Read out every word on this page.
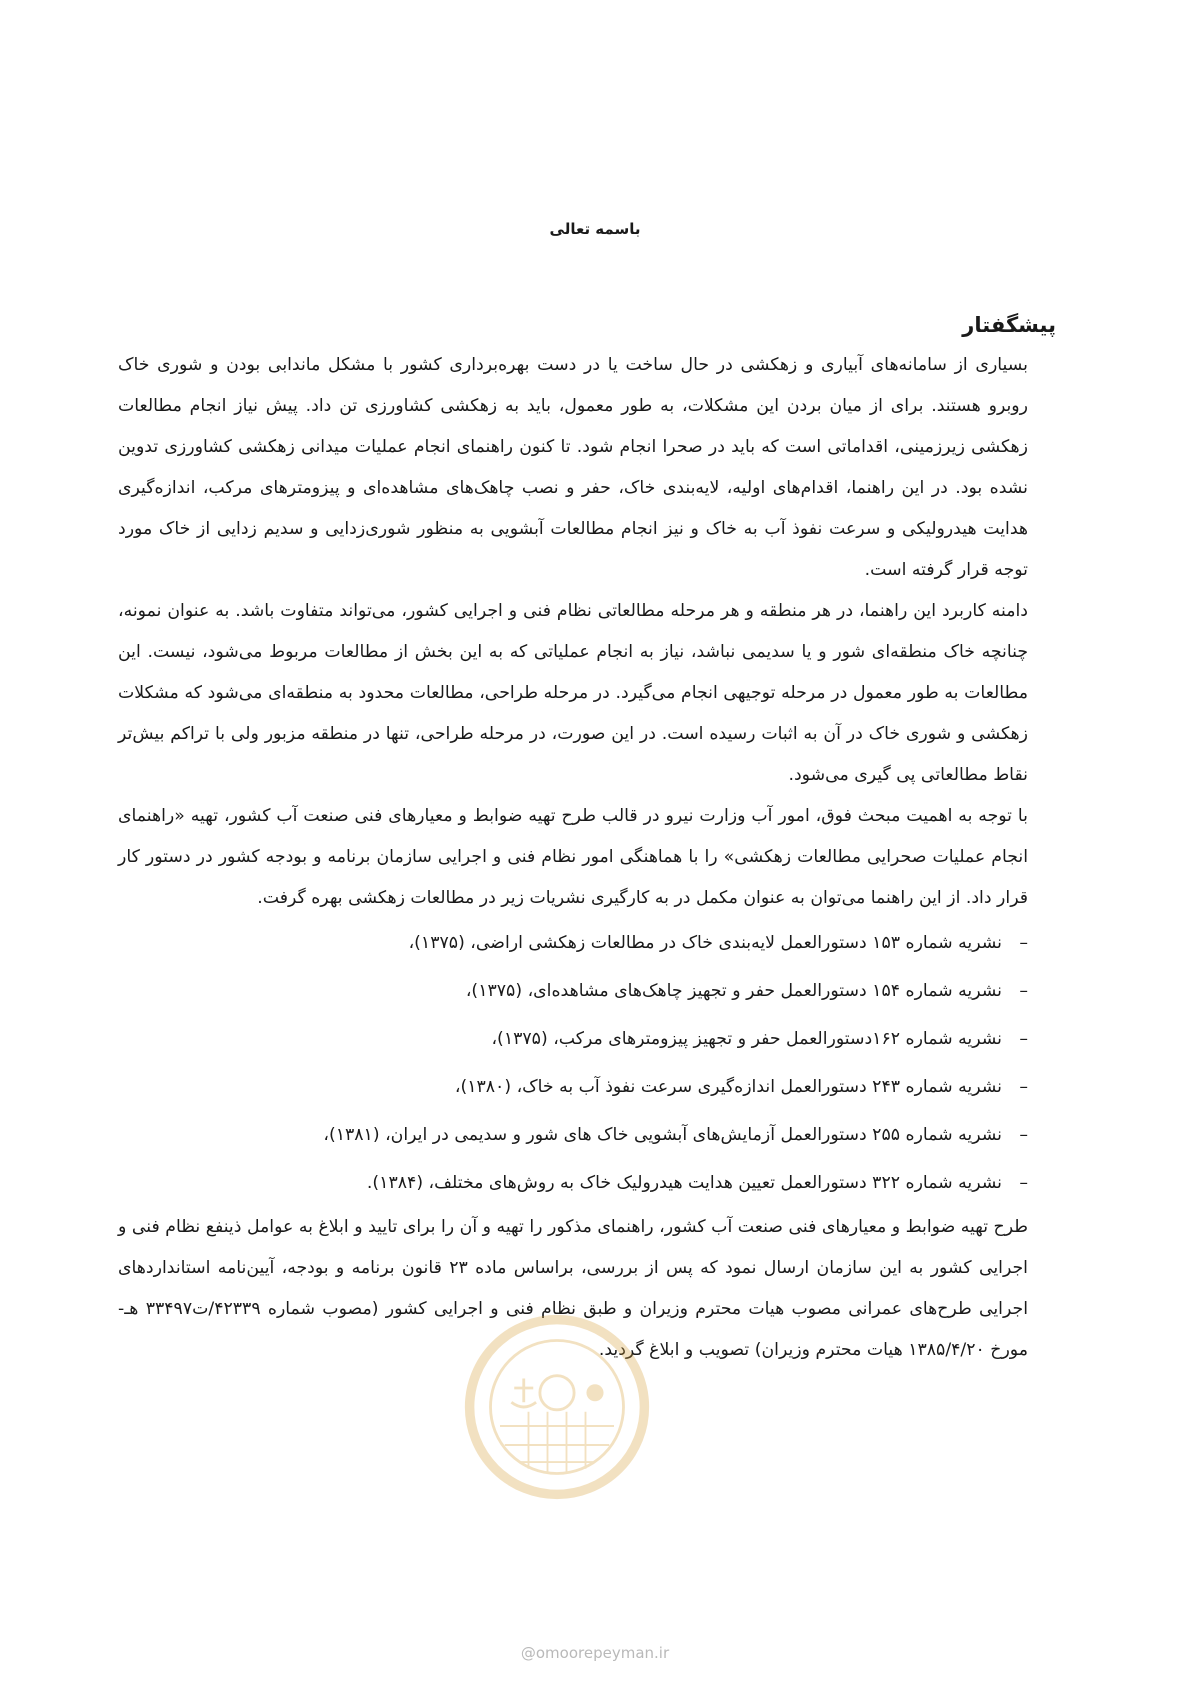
باسمه تعالی
پیشگفتار

بسیاری از سامانه‌های آبیاری و زهکشی در حال ساخت یا در دست بهره‌برداری کشور با مشکل ماندابی بودن و شوری خاک روبرو هستند. برای از میان بردن این مشکلات، به طور معمول، باید به زهکشی کشاورزی تن داد. پیش نیاز انجام مطالعات زهکشی زیرزمینی، اقداماتی است که باید در صحرا انجام شود. تا کنون راهنمای انجام عملیات میدانی زهکشی کشاورزی تدوین نشده بود. در این راهنما، اقدام‌های اولیه، لایه‌بندی خاک، حفر و نصب چاهک‌های مشاهده‌ای و پیزومترهای مرکب، اندازه‌گیری هدایت هیدرولیکی و سرعت نفوذ آب به خاک و نیز انجام مطالعات آبشویی به منظور شوری‌زدایی و سدیم زدایی از خاک مورد توجه قرار گرفته است.

دامنه کاربرد این راهنما، در هر منطقه و هر مرحله مطالعاتی نظام فنی و اجرایی کشور، می‌تواند متفاوت باشد. به عنوان نمونه، چنانچه خاک منطقه‌ای شور و یا سدیمی نباشد، نیاز به انجام عملیاتی که به این بخش از مطالعات مربوط می‌شود، نیست. این مطالعات به طور معمول در مرحله توجیهی انجام می‌گیرد. در مرحله طراحی، مطالعات محدود به منطقه‌ای می‌شود که مشکلات زهکشی و شوری خاک در آن به اثبات رسیده است. در این صورت، در مرحله طراحی، تنها در منطقه مزبور ولی با تراکم بیش‌تر نقاط مطالعاتی پی گیری می‌شود.

با توجه به اهمیت مبحث فوق، امور آب وزارت نیرو در قالب طرح تهیه ضوابط و معیارهای فنی صنعت آب کشور، تهیه «راهنمای انجام عملیات صحرایی مطالعات زهکشی» را با هماهنگی امور نظام فنی و اجرایی سازمان برنامه و بودجه کشور در دستور کار قرار داد. از این راهنما می‌توان به عنوان مکمل در به کارگیری نشریات زیر در مطالعات زهکشی بهره گرفت.

–
نشریه شماره ۱۵۳ دستورالعمل لایه‌بندی خاک در مطالعات زهکشی اراضی، (۱۳۷۵)،
–
نشریه شماره ۱۵۴ دستورالعمل حفر و تجهیز چاهک‌های مشاهده‌ای، (۱۳۷۵)،
–
نشریه شماره ۱۶۲دستورالعمل حفر و تجهیز پیزومترهای مرکب، (۱۳۷۵)،
–
نشریه شماره ۲۴۳ دستورالعمل اندازه‌گیری سرعت نفوذ آب به خاک، (۱۳۸۰)،
–
نشریه شماره ۲۵۵ دستورالعمل آزمایش‌های آبشویی خاک های شور و سدیمی در ایران، (۱۳۸۱)،
–
نشریه شماره ۳۲۲ دستورالعمل تعیین هدایت هیدرولیک خاک به روش‌های مختلف، (۱۳۸۴).

طرح تهیه ضوابط و معیارهای فنی صنعت آب کشور، راهنمای مذکور را تهیه و آن را برای تایید و ابلاغ به عوامل ذینفع نظام فنی و اجرایی کشور به این سازمان ارسال نمود که پس از بررسی، براساس ماده ۲۳ قانون برنامه و بودجه، آیین‌نامه استانداردهای اجرایی طرح‌های عمرانی مصوب هیات محترم وزیران و طبق نظام فنی و اجرایی کشور (مصوب شماره ۴۲۳۳۹/ت۳۳۴۹۷ هـ- مورخ ۱۳۸۵/۴/۲۰ هیات محترم وزیران) تصویب و ابلاغ گردید.

@omoorepeyman.ir
